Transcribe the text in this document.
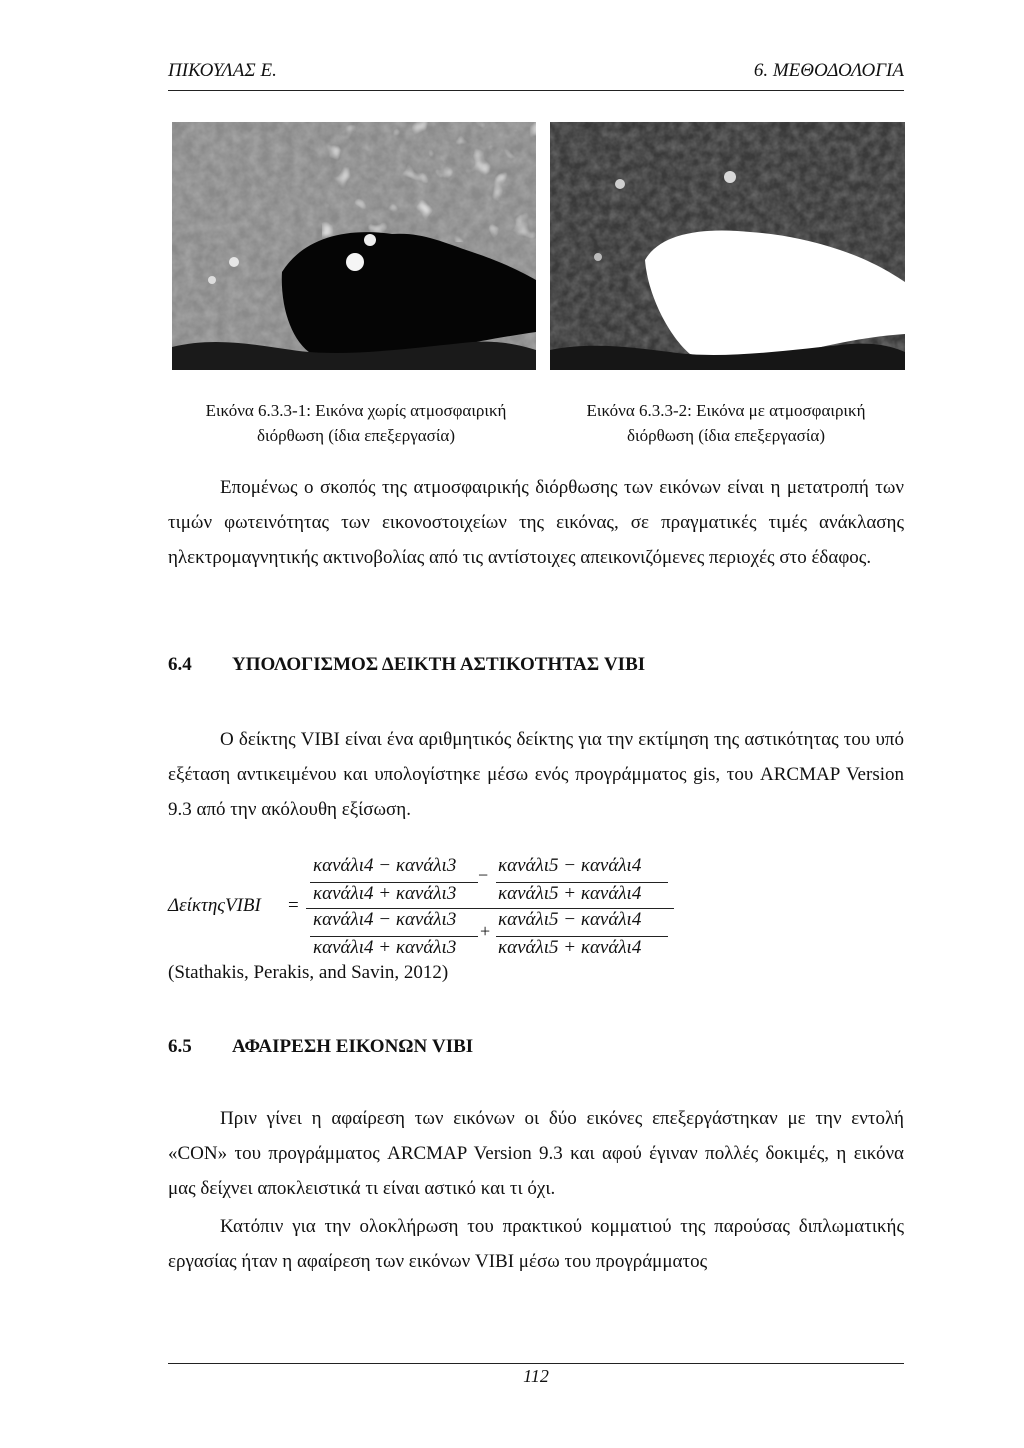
ΠΙΚΟΥΛΑΣ Ε.	6. ΜΕΘΟΔΟΛΟΓΙΑ
Εικόνα 6.3.3-1: Εικόνα χωρίς ατμοσφαιρική
διόρθωση (ίδια επεξεργασία)
Εικόνα 6.3.3-2: Εικόνα με ατμοσφαιρική
διόρθωση (ίδια επεξεργασία)

Επομένως ο σκοπός της ατμοσφαιρικής διόρθωσης των εικόνων είναι η μετατροπή των τιμών φωτεινότητας των εικονοστοιχείων της εικόνας, σε πραγματικές τιμές ανάκλασης ηλεκτρομαγνητικής ακτινοβολίας από τις αντίστοιχες απεικονιζόμενες περιοχές στο έδαφος.

6.4 ΥΠΟΛΟΓΙΣΜΟΣ ΔΕΙΚΤΗ ΑΣΤΙΚΟΤΗΤΑΣ VIBI

Ο δείκτης VIBI είναι ένα αριθμητικός δείκτης για την εκτίμηση της αστικότητας του υπό εξέταση αντικειμένου και υπολογίστηκε μέσω ενός προγράμματος gis, του ARCMAP Version 9.3 από την ακόλουθη εξίσωση.

ΔείκτηςVIBI =
καvάλι4 − καvάλι3 καvάλι5 − καvάλι4
−
καvάλι4 + καvάλι3 καvάλι5 + καvάλι4
καvάλι4 − καvάλι3 καvάλι5 − καvάλι4
+
καvάλι4 + καvάλι3 καvάλι5 + καvάλι4
(Stathakis, Perakis, and Savin, 2012)
6.5 ΑΦΑΙΡΕΣΗ ΕΙΚΟΝΩΝ VIBI

Πριν γίνει η αφαίρεση των εικόνων οι δύο εικόνες επεξεργάστηκαν με την εντολή «CON» του προγράμματος ARCMAP Version 9.3 και αφού έγιναν πολλές δοκιμές, η εικόνα μας δείχνει αποκλειστικά τι είναι αστικό και τι όχι.

Κατόπιν για την ολοκλήρωση του πρακτικού κομματιού της παρούσας διπλωματικής εργασίας ήταν η αφαίρεση των εικόνων VIBI μέσω του προγράμματος

112
